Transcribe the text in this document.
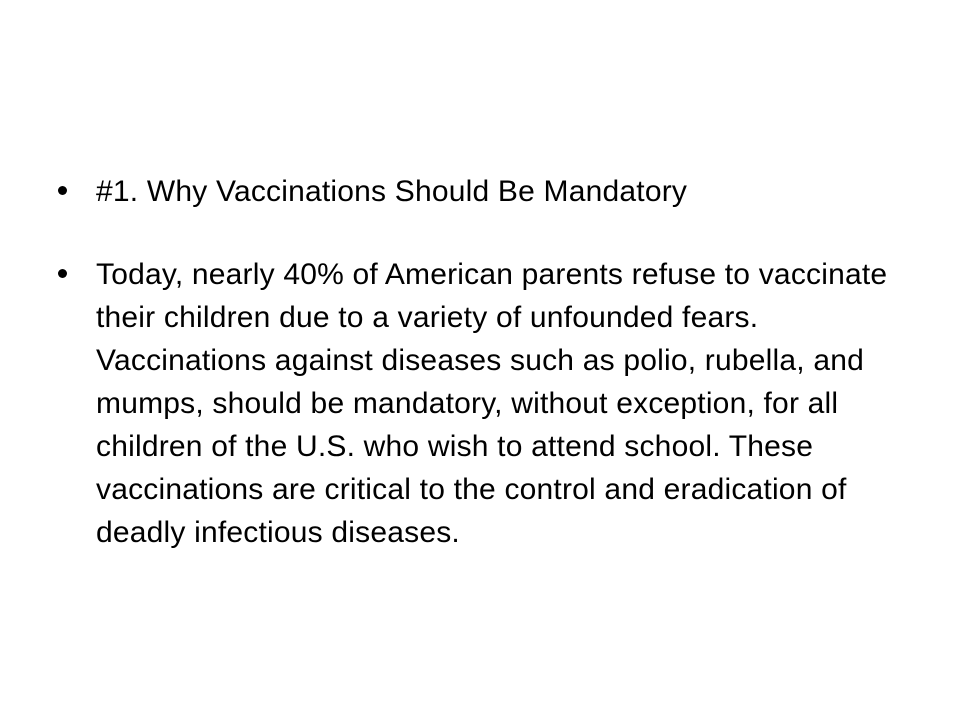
#1. Why Vaccinations Should Be Mandatory
Today, nearly 40% of American parents refuse to vaccinate their children due to a variety of unfounded fears. Vaccinations against diseases such as polio, rubella, and mumps, should be mandatory, without exception, for all children of the U.S. who wish to attend school. These vaccinations are critical to the control and eradication of deadly infectious diseases.
